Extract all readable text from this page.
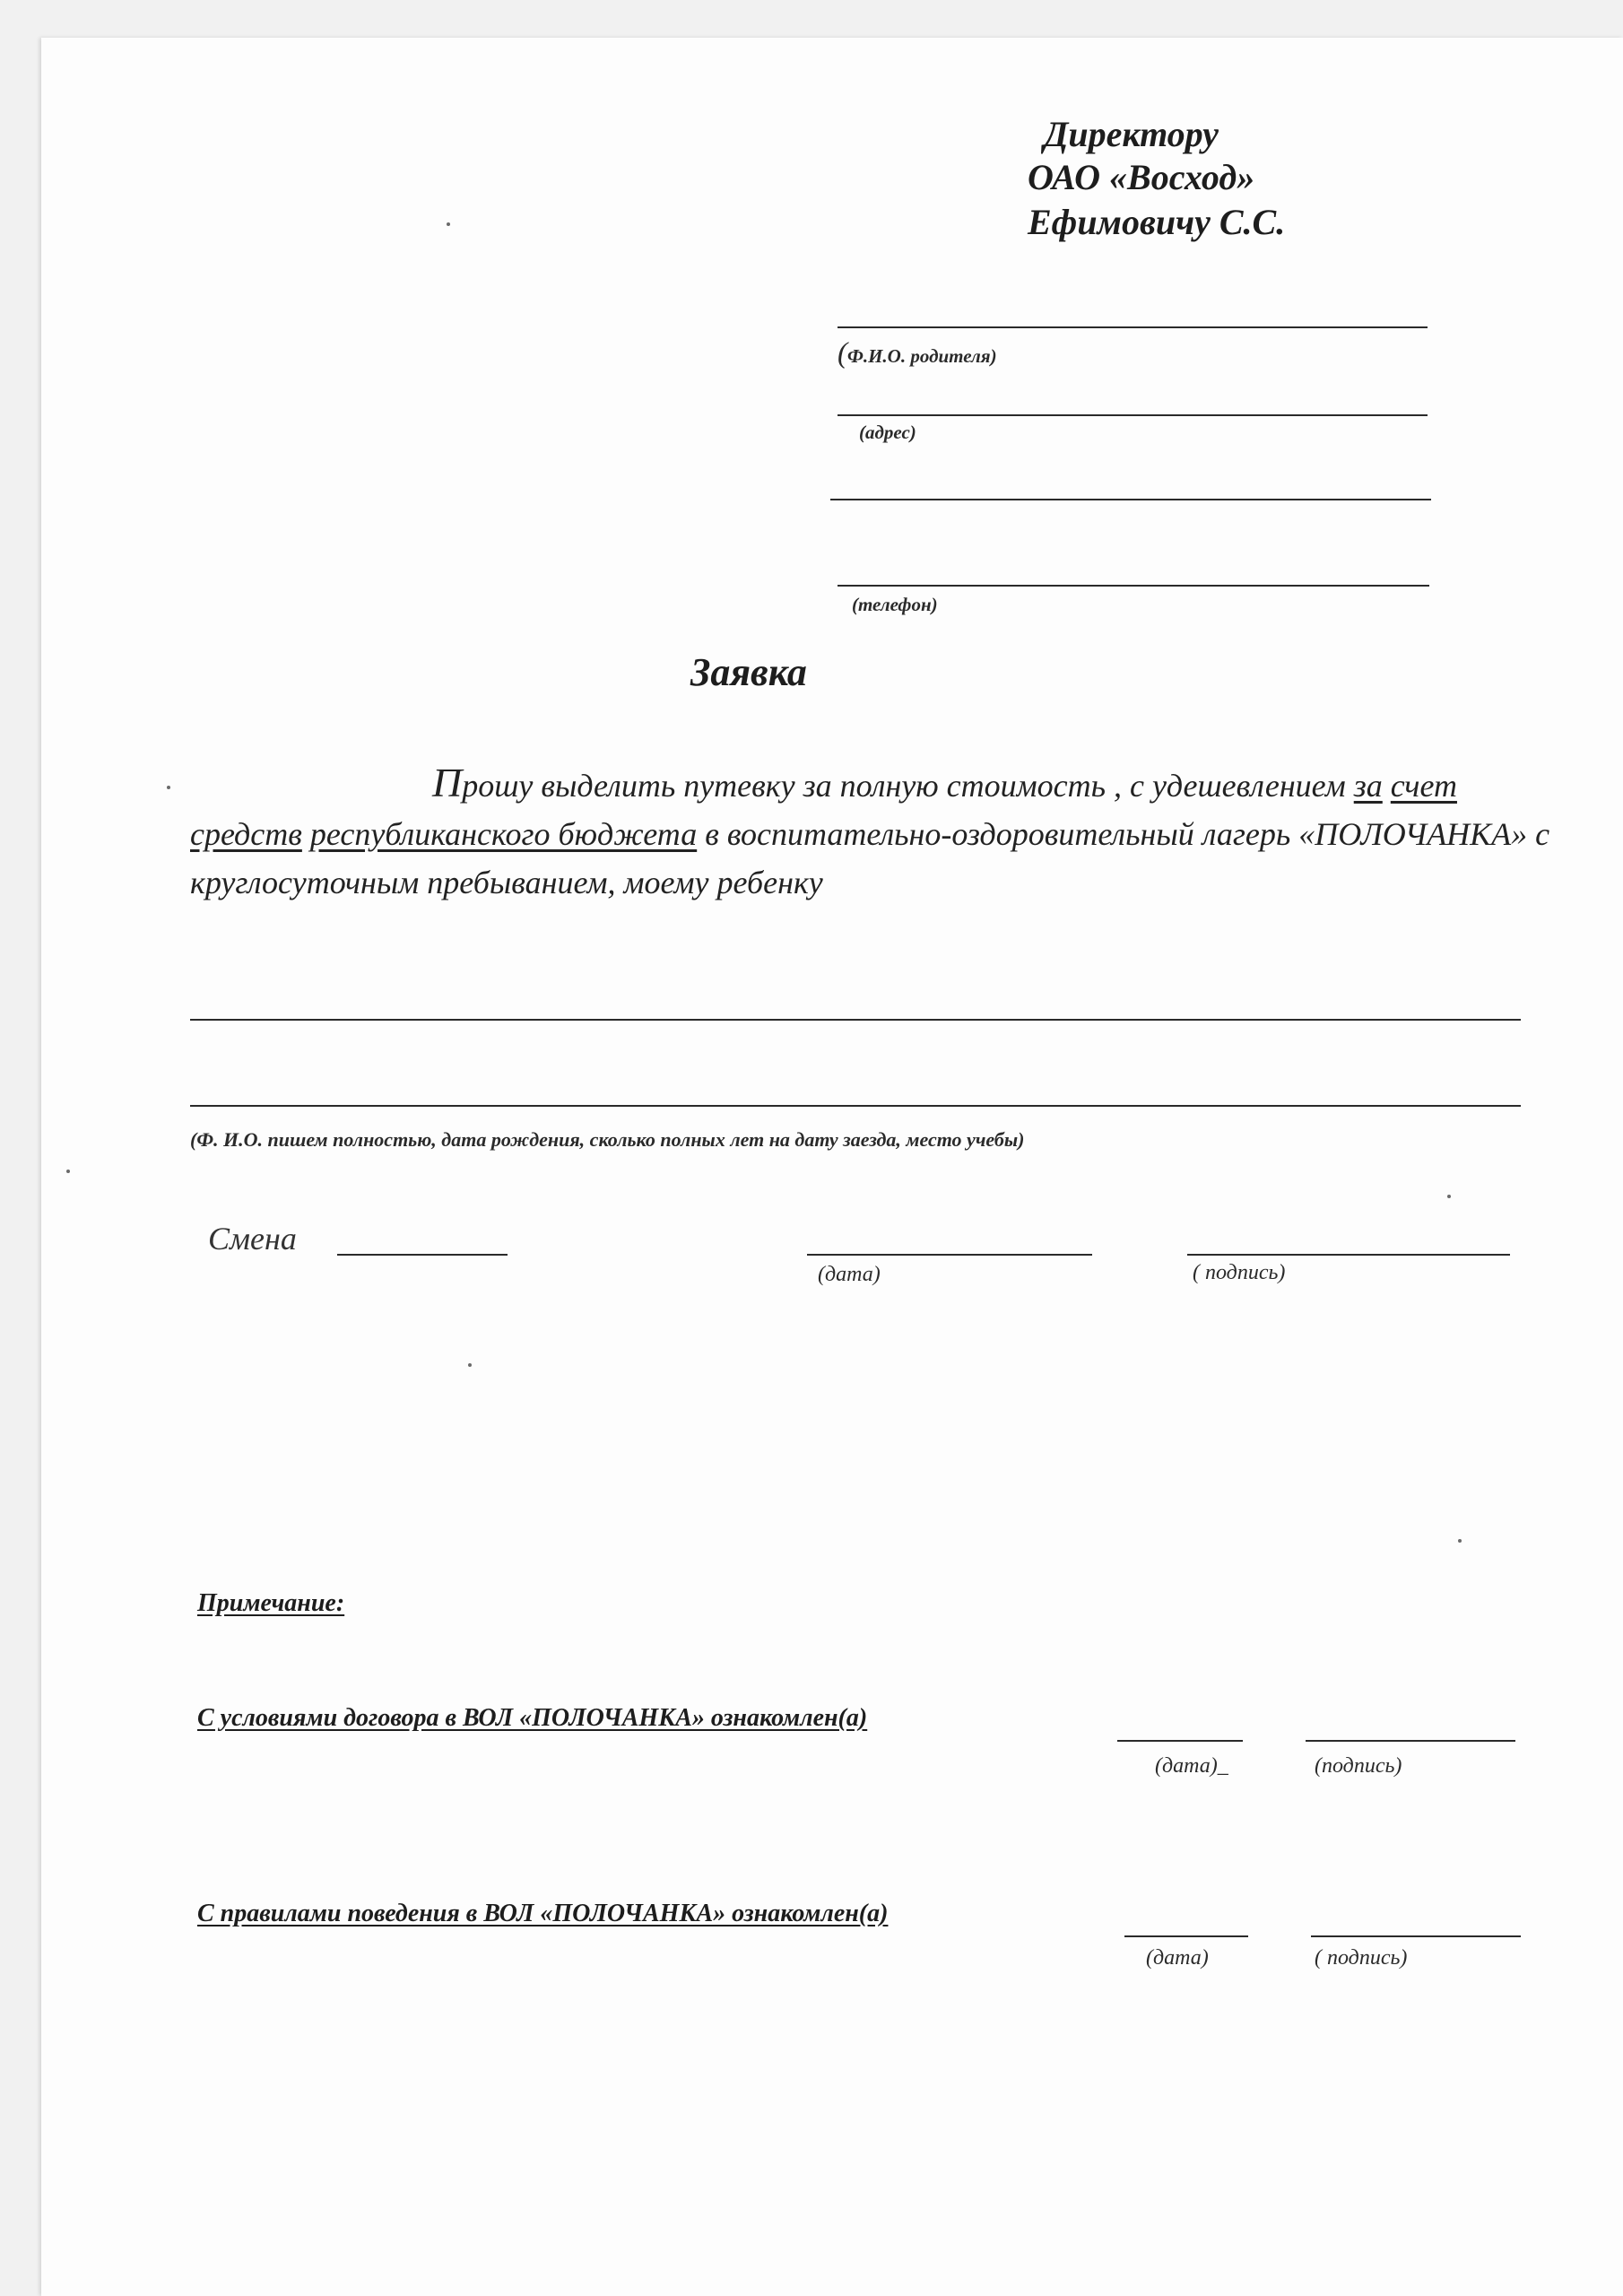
Директору
ОАО «Восход»
Ефимовичу С.С.
(Ф.И.О. родителя)
(адрес)
(телефон)
Заявка
Прошу выделить путевку за полную стоимость , с удешевлением за счет средств республиканского бюджета в воспитательно-оздоровительный лагерь «ПОЛОЧАНКА» с круглосуточным пребыванием, моему ребенку
(Ф. И.О. пишем полностью, дата рождения, сколько полных лет на дату заезда, место учебы)
Смена
(дата)	( подпись)
Примечание:
С условиями договора в ВОЛ «ПОЛОЧАНКА» ознакомлен(а)
(дата)_	(подпись)
С правилами поведения в ВОЛ «ПОЛОЧАНКА» ознакомлен(а)
(дата)	( подпись)
